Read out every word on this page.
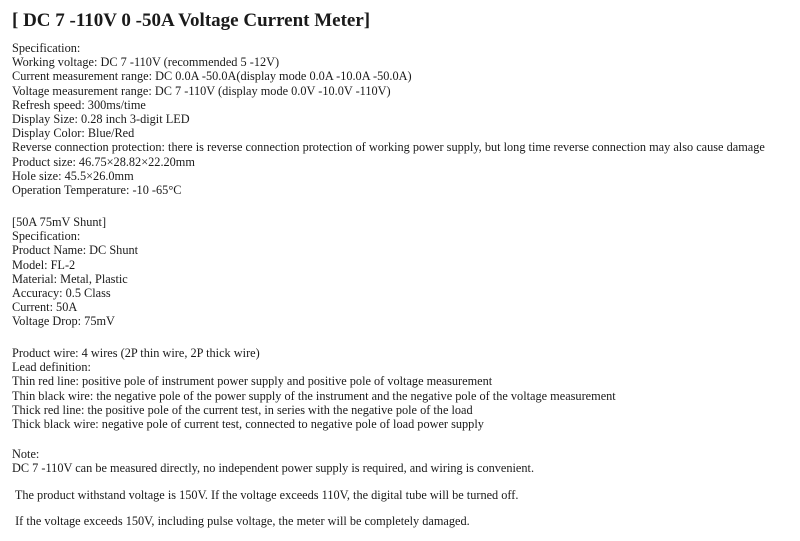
[ DC 7 -110V 0 -50A Voltage Current Meter]
Specification:
Working voltage: DC 7 -110V (recommended 5 -12V)
Current measurement range: DC 0.0A -50.0A(display mode 0.0A -10.0A -50.0A)
Voltage measurement range: DC 7 -110V (display mode 0.0V -10.0V -110V)
Refresh speed: 300ms/time
Display Size: 0.28 inch 3-digit LED
Display Color: Blue/Red
Reverse connection protection: there is reverse connection protection of working power supply, but long time reverse connection may also cause damage
Product size: 46.75×28.82×22.20mm
Hole size: 45.5×26.0mm
Operation Temperature: -10 -65°C
[50A 75mV Shunt]
Specification:
Product Name: DC Shunt
Model: FL-2
Material: Metal, Plastic
Accuracy: 0.5 Class
Current: 50A
Voltage Drop: 75mV
Product wire: 4 wires (2P thin wire, 2P thick wire)
Lead definition:
Thin red line: positive pole of instrument power supply and positive pole of voltage measurement
Thin black wire: the negative pole of the power supply of the instrument and the negative pole of the voltage measurement
Thick red line: the positive pole of the current test, in series with the negative pole of the load
Thick black wire: negative pole of current test, connected to negative pole of load power supply
Note:
DC 7 -110V can be measured directly, no independent power supply is required, and wiring is convenient.
The product withstand voltage is 150V. If the voltage exceeds 110V, the digital tube will be turned off.
If the voltage exceeds 150V, including pulse voltage, the meter will be completely damaged.
